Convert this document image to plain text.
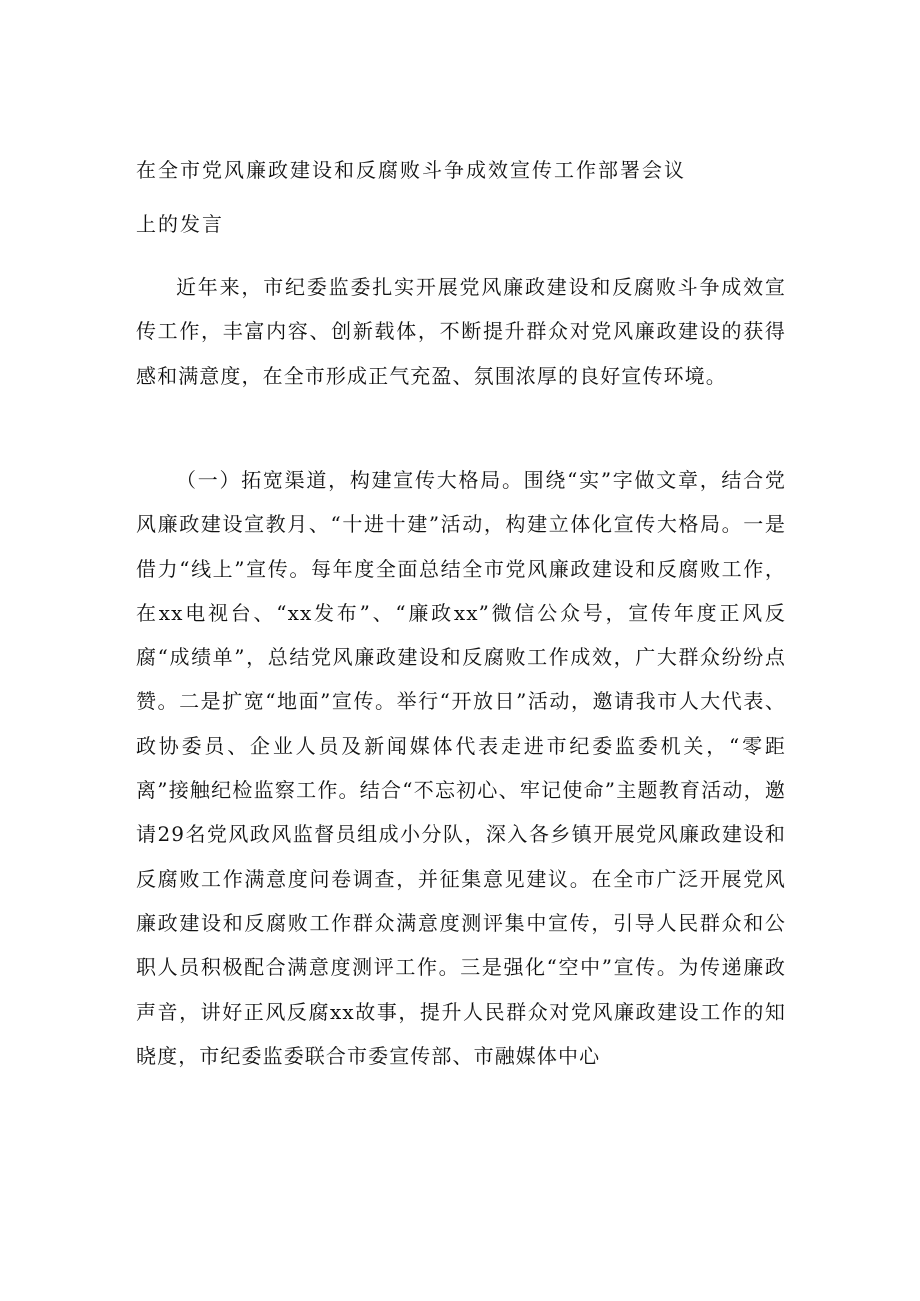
在全市党风廉政建设和反腐败斗争成效宣传工作部署会议
上的发言

近年来，市纪委监委扎实开展党风廉政建设和反腐败斗争成效宣传工作，丰富内容、创新载体，不断提升群众对党风廉政建设的获得感和满意度，在全市形成正气充盈、氛围浓厚的良好宣传环境。

（一）拓宽渠道，构建宣传大格局。围绕“实”字做文章，结合党风廉政建设宣教月、“十进十建”活动，构建立体化宣传大格局。一是借力“线上”宣传。每年度全面总结全市党风廉政建设和反腐败工作，在xx电视台、“xx发布”、“廉政xx”微信公众号，宣传年度正风反腐“成绩单”，总结党风廉政建设和反腐败工作成效，广大群众纷纷点赞。二是扩宽“地面”宣传。举行“开放日”活动，邀请我市人大代表、政协委员、企业人员及新闻媒体代表走进市纪委监委机关，“零距离”接触纪检监察工作。结合“不忘初心、牢记使命”主题教育活动，邀请29名党风政风监督员组成小分队，深入各乡镇开展党风廉政建设和反腐败工作满意度问卷调查，并征集意见建议。在全市广泛开展党风廉政建设和反腐败工作群众满意度测评集中宣传，引导人民群众和公职人员积极配合满意度测评工作。三是强化“空中”宣传。为传递廉政声音，讲好正风反腐xx故事，提升人民群众对党风廉政建设工作的知晓度，市纪委监委联合市委宣传部、市融媒体中心
